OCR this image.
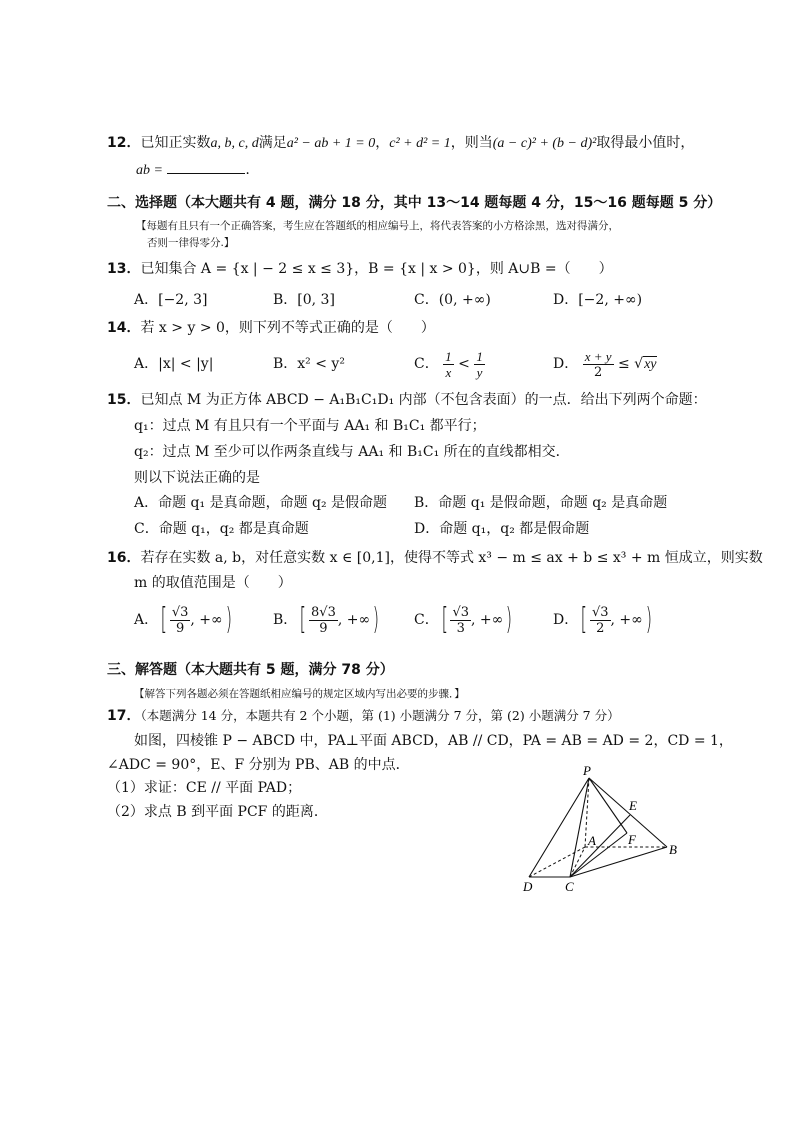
12．已知正实数a, b, c, d满足a² − ab + 1 = 0，c² + d² = 1，则当(a − c)² + (b − d)²取得最小值时，
ab =	.
二、选择题（本大题共有 4 题，满分 18 分，其中 13～14 题每题 4 分，15～16 题每题 5 分）
【每题有且只有一个正确答案，考生应在答题纸的相应编号上，将代表答案的小方格涂黑，选对得满分，
否则一律得零分.】
13．已知集合 A = {x | − 2 ≤ x ≤ 3}，B = {x | x > 0}，则 A∪B =（　　）
A．[−2, 3]	B．[0, 3]	C．(0, +∞)	D．[−2, +∞)
14．若 x > y > 0，则下列不等式正确的是（　　）
A．|x| < |y|	B．x² < y²	C． $\frac{1}{x} < \frac{1}{y}$	D． $\frac{x + y}{2} \le √xy$
15．已知点 M 为正方体 ABCD − A₁B₁C₁D₁ 内部（不包含表面）的一点．给出下列两个命题：
q₁：过点 M 有且只有一个平面与 AA₁ 和 B₁C₁ 都平行；
q₂：过点 M 至少可以作两条直线与 AA₁ 和 B₁C₁ 所在的直线都相交．
则以下说法正确的是
A．命题 q₁ 是真命题，命题 q₂ 是假命题 B．命题 q₁ 是假命题，命题 q₂ 是真命题
C．命题 q₁，q₂ 都是真命题	D．命题 q₁，q₂ 都是假命题
16．若存在实数 a, b，对任意实数 x ∈ [0,1]，使得不等式 x³ − m ≤ ax + b ≤ x³ + m 恒成立，则实数
m 的取值范围是（　　）
A．[ $\frac{√3}{9}$ , +∞)	B．[ $\frac{8√3}{9}$ , +∞) C．[ $\frac{√3}{3}$ , +∞)	D．[ $\frac{√3}{2}$ , +∞)
三、解答题（本大题共有 5 题，满分 78 分）
【解答下列各题必须在答题纸相应编号的规定区域内写出必要的步骤．】
17．（本题满分 14 分，本题共有 2 个小题，第 (1) 小题满分 7 分，第 (2) 小题满分 7 分）
如图，四棱锥 P − ABCD 中，PA⊥平面 ABCD，AB // CD，PA = AB = AD = 2，CD = 1，
∠ADC = 90°，E、F 分别为 PB、AB 的中点．
（1）求证：CE // 平面 PAD；
（2）求点 B 到平面 PCF 的距离．
P
E
A F
B
D	C
